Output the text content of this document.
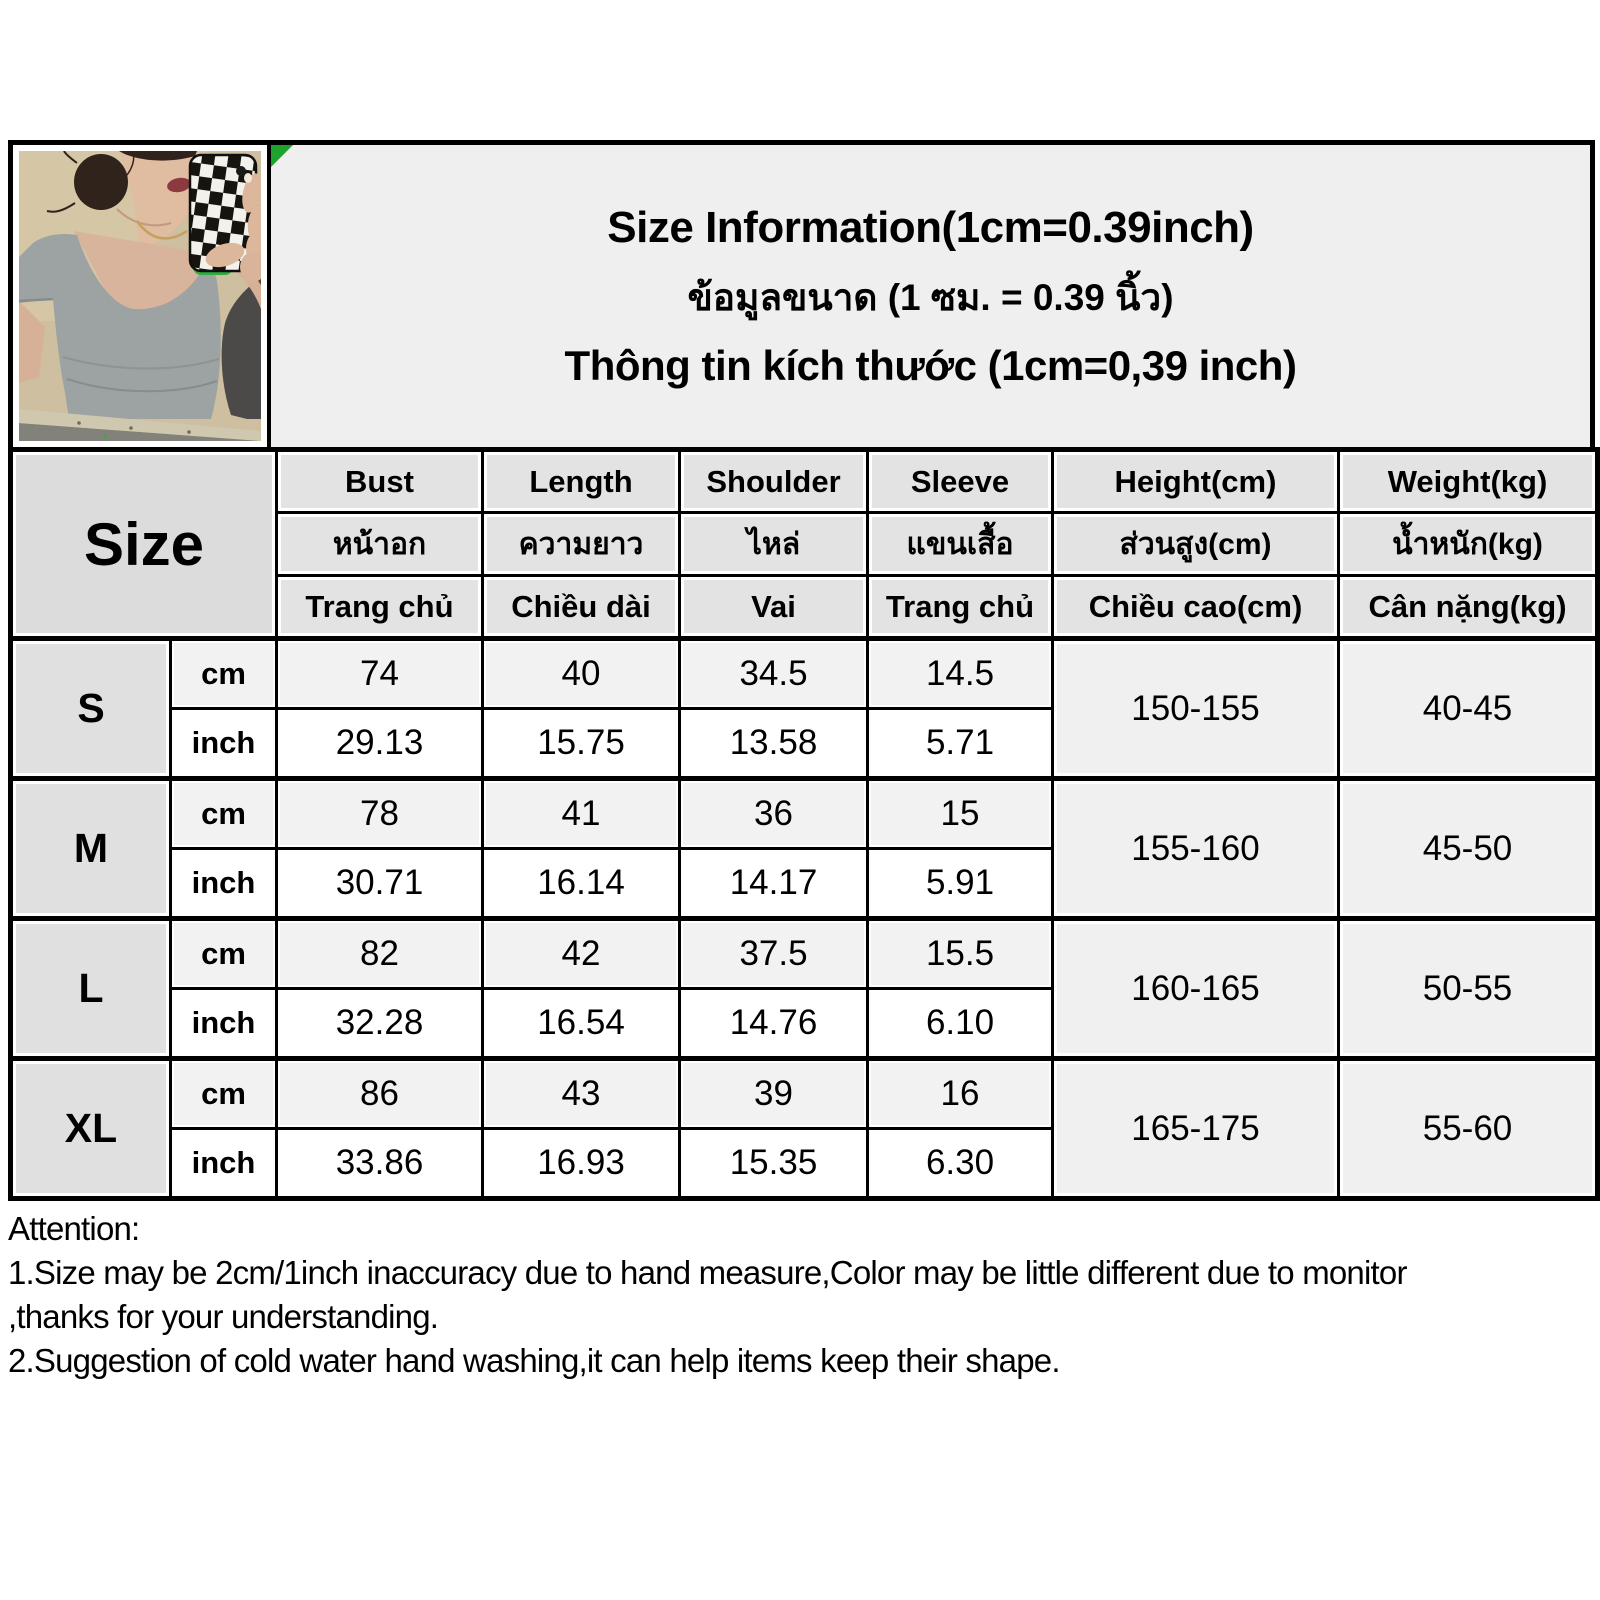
Size Information(1cm=0.39inch)
ข้อมูลขนาด (1 ซม. = 0.39 นิ้ว)
Thông tin kích thước (1cm=0,39 inch)
Size		Bust	Length	Shoulder	Sleeve	Height(cm)	Weight(kg)
		หน้าอก	ความยาว	ไหล่	แขนเสื้อ	ส่วนสูง(cm)	น้ำหนัก(kg)
		Trang chủ	Chiều dài	Vai	Trang chủ	Chiều cao(cm)	Cân nặng(kg)
S	cm	74	40	34.5	14.5	150-155	40-45
	inch	29.13	15.75	13.58	5.71		
M	cm	78	41	36	15	155-160	45-50
	inch	30.71	16.14	14.17	5.91		
L	cm	82	42	37.5	15.5	160-165	50-55
	inch	32.28	16.54	14.76	6.10		
XL	cm	86	43	39	16	165-175	55-60
	inch	33.86	16.93	15.35	6.30		
Attention:
1.Size may be 2cm/1inch inaccuracy due to hand measure,Color may be little different due to monitor
,thanks for your understanding.
2.Suggestion of cold water hand washing,it can help items keep their shape.
